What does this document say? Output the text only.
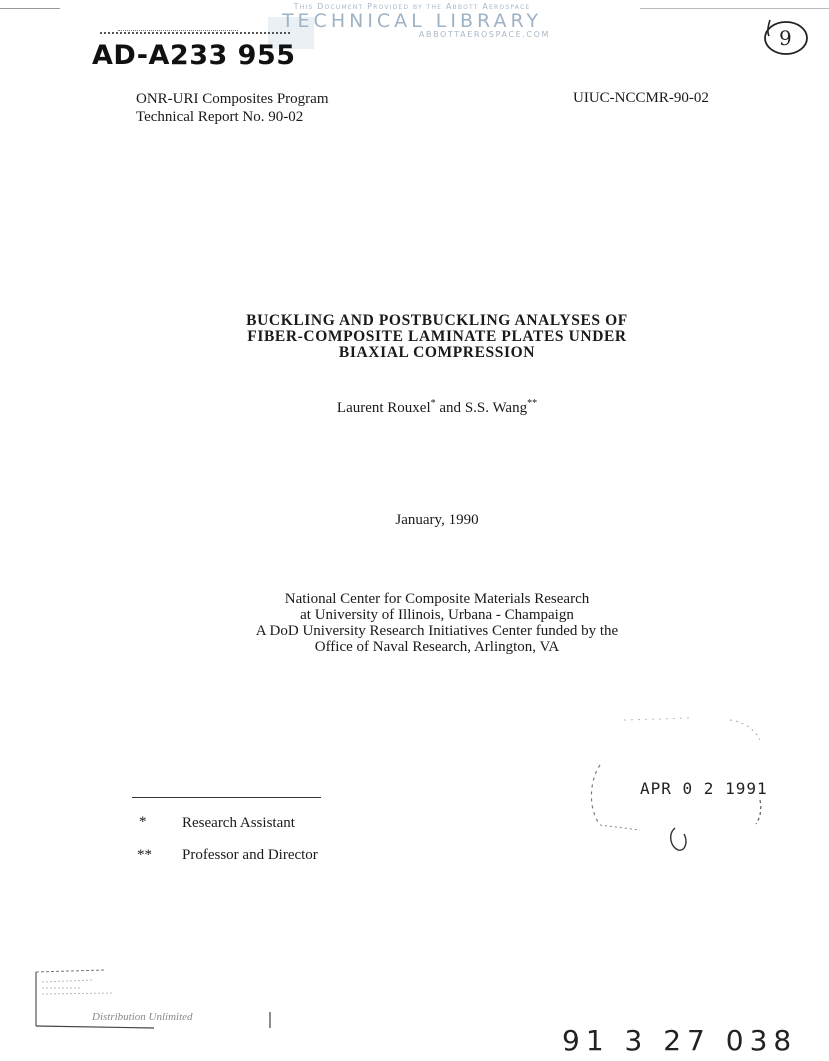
This Document Provided by the Abbott Aerospace
TECHNICAL LIBRARY
ABBOTTAEROSPACE.COM
AD-A233 955
9
ONR-URI Composites Program
Technical Report No. 90-02
UIUC-NCCMR-90-02
BUCKLING AND POSTBUCKLING ANALYSES OF
FIBER-COMPOSITE LAMINATE PLATES UNDER
BIAXIAL COMPRESSION
Laurent Rouxel* and S.S. Wang**
January, 1990
National Center for Composite Materials Research
at University of Illinois, Urbana - Champaign
A DoD University Research Initiatives Center funded by the
Office of Naval Research, Arlington, VA
APR 0 2 1991
* Research Assistant
** Professor and Director
Distribution Unlimited
91 3 27 038
